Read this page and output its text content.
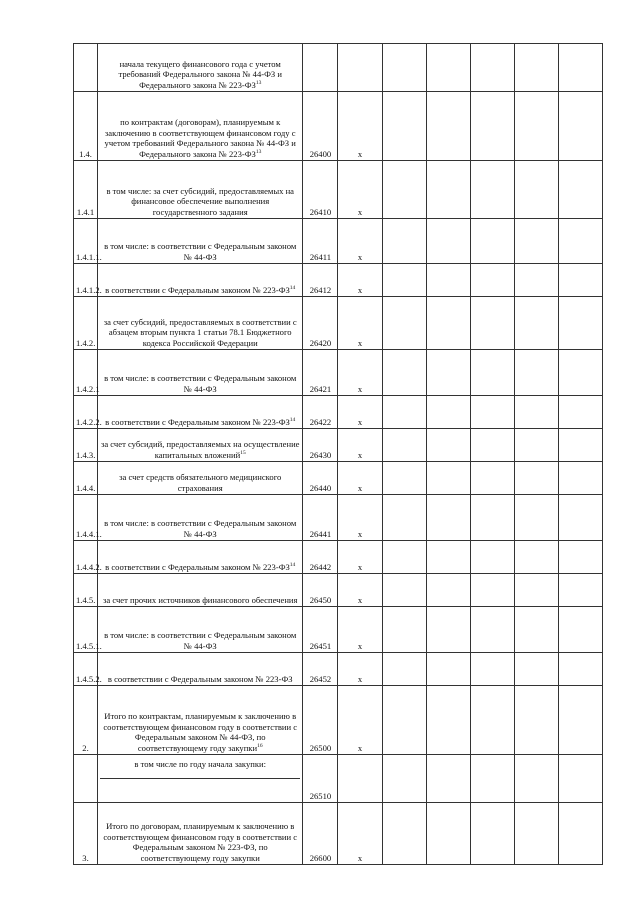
	начала текущего финансового года с учетом требований Федерального закона № 44-ФЗ и Федерального закона № 223-ФЗ$^{13}$							
1.4.	по контрактам (договорам), планируемым к заключению в соответствующем финансовом году с учетом требований Федерального закона № 44-ФЗ и Федерального закона № 223-ФЗ$^{13}$	26400	x					
1.4.1	в том числе: за счет субсидий, предоставляемых на финансовое обеспечение выполнения государственного задания	26410	x					
1.4.1.1.	в том числе: в соответствии с Федеральным законом № 44-ФЗ	26411	x					
1.4.1.2.	в соответствии с Федеральным законом № 223-ФЗ$^{14}$	26412	x					
1.4.2.	за счет субсидий, предоставляемых в соответствии с абзацем вторым пункта 1 статьи 78.1 Бюджетного кодекса Российской Федерации	26420	x					
1.4.2.1	в том числе: в соответствии с Федеральным законом № 44-ФЗ	26421	x					
1.4.2.2.	в соответствии с Федеральным законом № 223-ФЗ$^{14}$	26422	x					
1.4.3.	за счет субсидий, предоставляемых на осуществление капитальных вложений$^{15}$	26430	x					
1.4.4.	за счет средств обязательного медицинского страхования	26440	x					
1.4.4.1.	в том числе: в соответствии с Федеральным законом № 44-ФЗ	26441	x					
1.4.4.2.	в соответствии с Федеральным законом № 223-ФЗ$^{14}$	26442	x					
1.4.5.	за счет прочих источников финансового обеспечения	26450	x					
1.4.5.1.	в том числе: в соответствии с Федеральным законом № 44-ФЗ	26451	x					
1.4.5.2.	в соответствии с Федеральным законом № 223-ФЗ	26452	x					
2.	Итого по контрактам, планируемым к заключению в соответствующем финансовом году в соответствии с Федеральным законом № 44-ФЗ, по соответствующему году закупки$^{16}$	26500	x					

	в том числе по году начала закупки:	26510						
3.	Итого по договорам, планируемым к заключению в соответствующем финансовом году в соответствии с Федеральным законом № 223-ФЗ, по соответствующему году закупки	26600	x					
